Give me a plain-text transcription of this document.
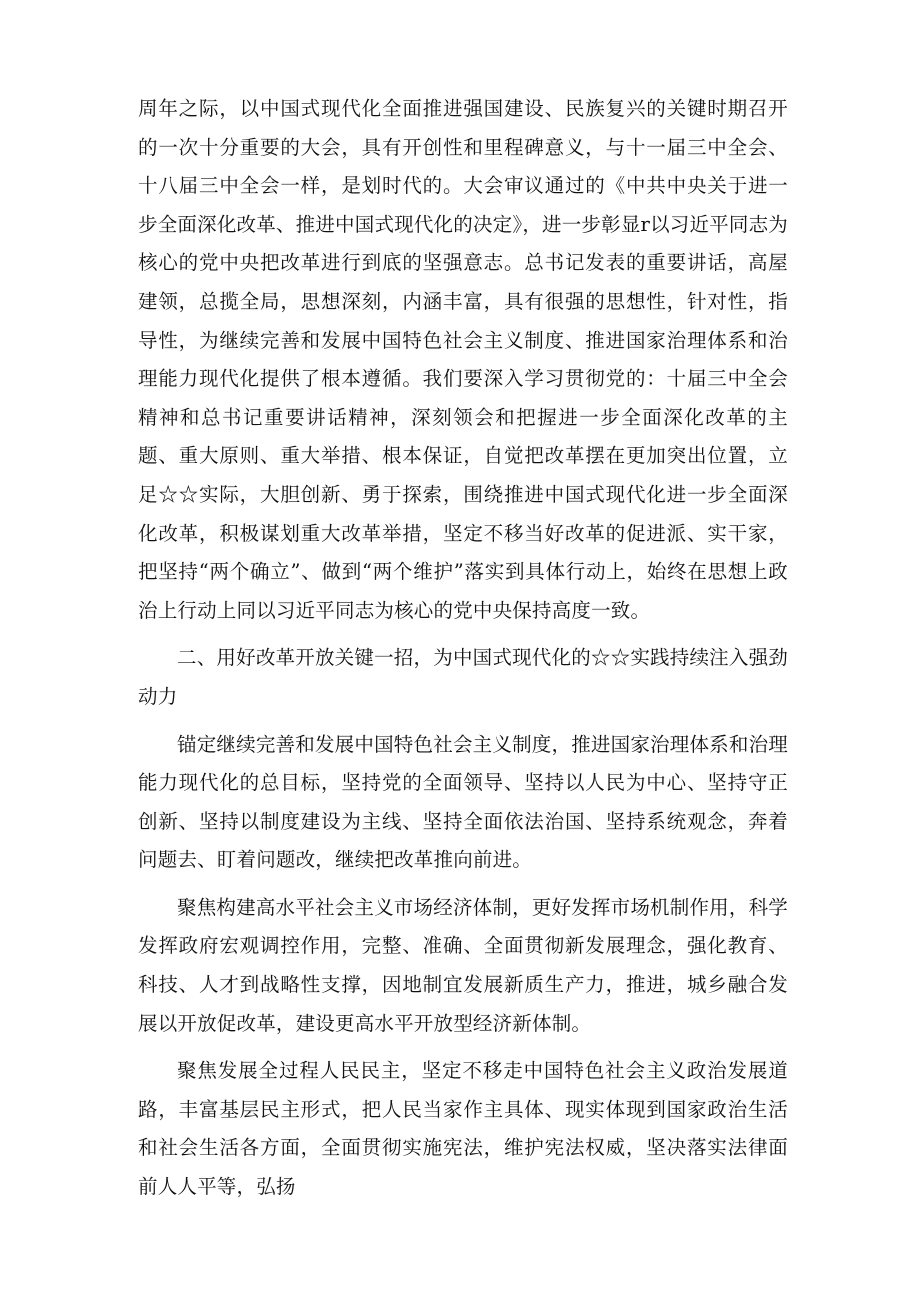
周年之际，以中国式现代化全面推进强国建设、民族复兴的关键时期召开的一次十分重要的大会，具有开创性和里程碑意义，与十一届三中全会、十八届三中全会一样，是划时代的。大会审议通过的《中共中央关于进一步全面深化改革、推进中国式现代化的决定》，进一步彰显r以习近平同志为核心的党中央把改革进行到底的坚强意志。总书记发表的重要讲话，高屋建领，总揽全局，思想深刻，内涵丰富，具有很强的思想性，针对性，指导性，为继续完善和发展中国特色社会主义制度、推进国家治理体系和治理能力现代化提供了根本遵循。我们要深入学习贯彻党的：十届三中全会精神和总书记重要讲话精神，深刻领会和把握进一步全面深化改革的主题、重大原则、重大举措、根本保证，自觉把改革摆在更加突出位置，立足☆☆实际，大胆创新、勇于探索，围绕推进中国式现代化进一步全面深化改革，积极谋划重大改革举措，坚定不移当好改革的促进派、实干家，把坚持“两个确立”、做到“两个维护”落实到具体行动上，始终在思想上政治上行动上同以习近平同志为核心的党中央保持高度一致。

二、用好改革开放关键一招，为中国式现代化的☆☆实践持续注入强劲动力

锚定继续完善和发展中国特色社会主义制度，推进国家治理体系和治理能力现代化的总目标，坚持党的全面领导、坚持以人民为中心、坚持守正创新、坚持以制度建设为主线、坚持全面依法治国、坚持系统观念，奔着问题去、盯着问题改，继续把改革推向前进。

聚焦构建高水平社会主义市场经济体制，更好发挥市场机制作用，科学发挥政府宏观调控作用，完整、准确、全面贯彻新发展理念，强化教育、科技、人才到战略性支撑，因地制宜发展新质生产力，推进，城乡融合发展以开放促改革，建设更高水平开放型经济新体制。

聚焦发展全过程人民民主，坚定不移走中国特色社会主义政治发展道路，丰富基层民主形式，把人民当家作主具体、现实体现到国家政治生活和社会生活各方面，全面贯彻实施宪法，维护宪法权威，坚决落实法律面前人人平等，弘扬
